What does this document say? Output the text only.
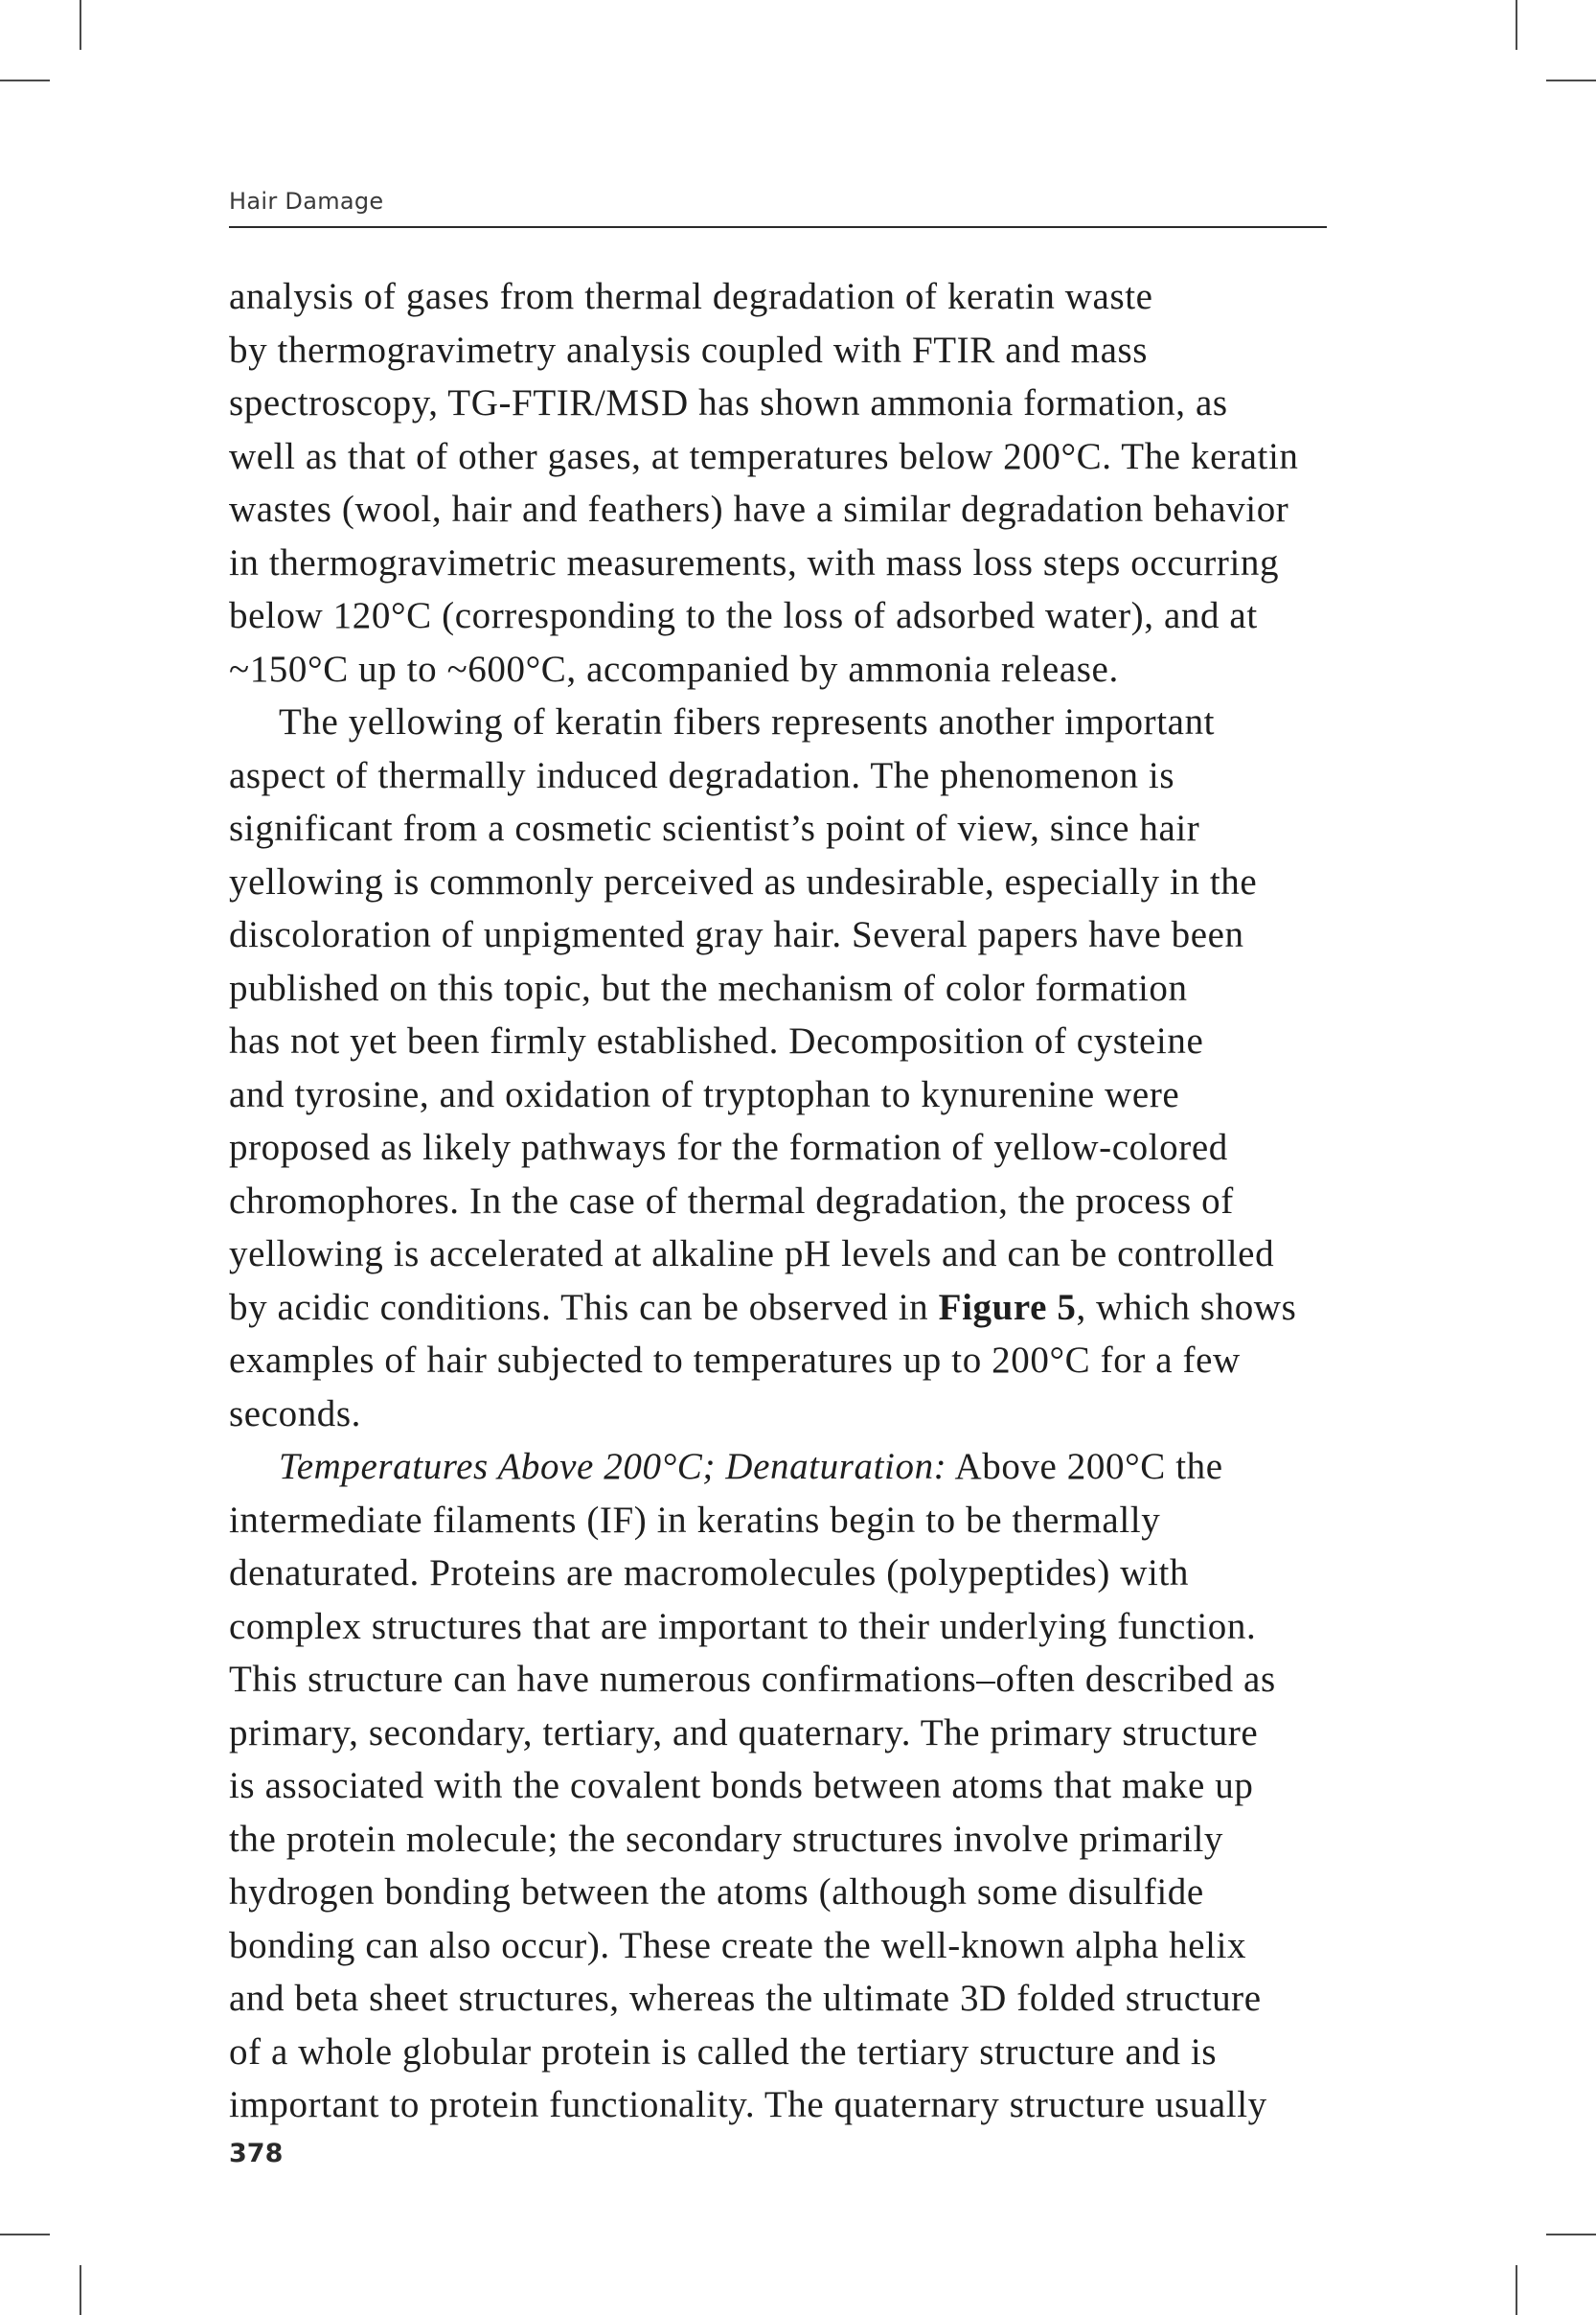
Hair Damage
analysis of gases from thermal degradation of keratin waste
by thermogravimetry analysis coupled with FTIR and mass
spectroscopy, TG-FTIR/MSD has shown ammonia formation, as
well as that of other gases, at temperatures below 200°C. The keratin
wastes (wool, hair and feathers) have a similar degradation behavior
in thermogravimetric measurements, with mass loss steps occurring
below 120°C (corresponding to the loss of adsorbed water), and at
~150°C up to ~600°C, accompanied by ammonia release.
The yellowing of keratin fibers represents another important
aspect of thermally induced degradation. The phenomenon is
significant from a cosmetic scientist’s point of view, since hair
yellowing is commonly perceived as undesirable, especially in the
discoloration of unpigmented gray hair. Several papers have been
published on this topic, but the mechanism of color formation
has not yet been firmly established. Decomposition of cysteine
and tyrosine, and oxidation of tryptophan to kynurenine were
proposed as likely pathways for the formation of yellow-colored
chromophores. In the case of thermal degradation, the process of
yellowing is accelerated at alkaline pH levels and can be controlled
by acidic conditions. This can be observed in Figure 5, which shows
examples of hair subjected to temperatures up to 200°C for a few
seconds.
Temperatures Above 200°C; Denaturation: Above 200°C the
intermediate filaments (IF) in keratins begin to be thermally
denaturated. Proteins are macromolecules (polypeptides) with
complex structures that are important to their underlying function.
This structure can have numerous confirmations–often described as
primary, secondary, tertiary, and quaternary. The primary structure
is associated with the covalent bonds between atoms that make up
the protein molecule; the secondary structures involve primarily
hydrogen bonding between the atoms (although some disulfide
bonding can also occur). These create the well-known alpha helix
and beta sheet structures, whereas the ultimate 3D folded structure
of a whole globular protein is called the tertiary structure and is
important to protein functionality. The quaternary structure usually
378
